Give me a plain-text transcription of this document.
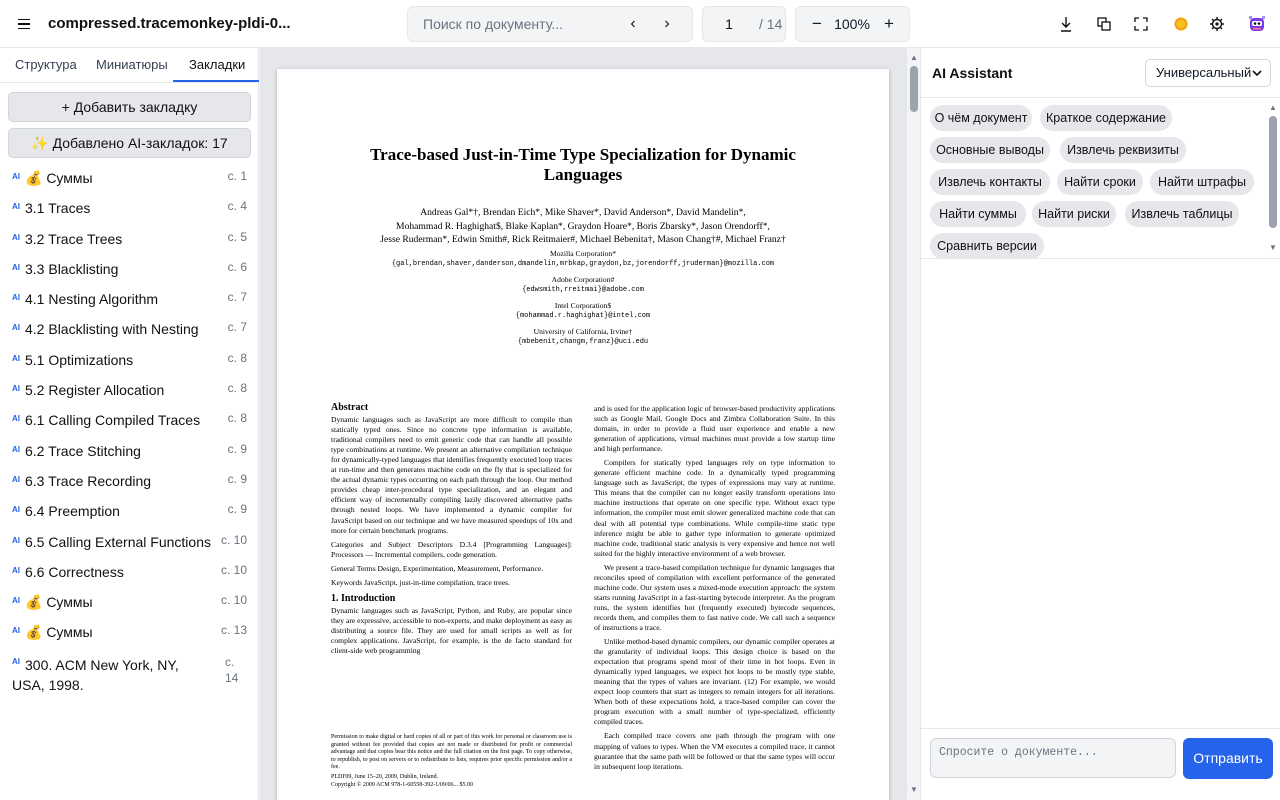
compressed.tracemonkey-pldi-0...
Поиск по документу...	‹	›
1	/ 14 − 100% +
Структура Миниатюры Закладки
+ Добавить закладку
✨ Добавлено AI-закладок: 17
AI 💰 Суммы	с. 1
AI 3.1 Traces	с. 4
AI 3.2 Trace Trees	с. 5
AI 3.3 Blacklisting	с. 6
AI 4.1 Nesting Algorithm	с. 7
AI 4.2 Blacklisting with Nesting с. 7
AI 5.1 Optimizations	с. 8
AI 5.2 Register Allocation	с. 8
AI 6.1 Calling Compiled Traces с. 8
AI 6.2 Trace Stitching	с. 9
AI 6.3 Trace Recording	с. 9
AI 6.4 Preemption	с. 9
AI 6.5 Calling External Functions с. 10
AI 6.6 Correctness	с. 10
AI 💰 Суммы	с. 10
AI 💰 Суммы	с. 13
AI 300. ACM New York, NY, USA, 1998.
с. 14
Trace-based Just-in-Time Type Specialization for Dynamic Languages
Andreas Gal*†, Brendan Eich*, Mike Shaver*, David Anderson*, David Mandelin*,
Mohammad R. Haghighat$, Blake Kaplan*, Graydon Hoare*, Boris Zbarsky*, Jason Orendorff*,
Jesse Ruderman*, Edwin Smith#, Rick Reitmaier#, Michael Bebenita†, Mason Chang†#, Michael Franz†
Mozilla Corporation*
{gal,brendan,shaver,danderson,dmandelin,mrbkap,graydon,bz,jorendorff,jruderman}@mozilla.com
Adobe Corporation#
{edwsmith,rreitmai}@adobe.com
Intel Corporation$
{mohammad.r.haghighat}@intel.com
University of California, Irvine†
{mbebenit,changm,franz}@uci.edu
Abstract
Dynamic languages such as JavaScript are more difficult to compile than statically typed ones. Since no concrete type information is available, traditional compilers need to emit generic code that can handle all possible type combinations at runtime. We present an alternative compilation technique for dynamically-typed languages that identifies frequently executed loop traces at run-time and then generates machine code on the fly that is specialized for the actual dynamic types occurring on each path through the loop. Our method provides cheap inter-procedural type specialization, and an elegant and efficient way of incrementally compiling lazily discovered alternative paths through nested loops. We have implemented a dynamic compiler for JavaScript based on our technique and we have measured speedups of 10x and more for certain benchmark programs.
Categories and Subject Descriptors D.3.4 [Programming Languages]: Processors — Incremental compilers, code generation.
General Terms Design, Experimentation, Measurement, Performance.
Keywords JavaScript, just-in-time compilation, trace trees.
1. Introduction
Dynamic languages such as JavaScript, Python, and Ruby, are popular since they are expressive, accessible to non-experts, and make deployment as easy as distributing a source file. They are used for small scripts as well as for complex applications. JavaScript, for example, is the de facto standard for client-side web programming
Permission to make digital or hard copies of all or part of this work for personal or classroom use is granted without fee provided that copies are not made or distributed for profit or commercial advantage and that copies bear this notice and the full citation on the first page. To copy otherwise, to republish, to post on servers or to redistribute to lists, requires prior specific permission and/or a fee.
PLDI'09, June 15–20, 2009, Dublin, Ireland.
Copyright © 2009 ACM 978-1-60558-392-1/09/06... $5.00
and is used for the application logic of browser-based productivity applications such as Google Mail, Google Docs and Zimbra Collaboration Suite. In this domain, in order to provide a fluid user experience and enable a new generation of applications, virtual machines must provide a low startup time and high performance.
Compilers for statically typed languages rely on type information to generate efficient machine code. In a dynamically typed programming language such as JavaScript, the types of expressions may vary at runtime. This means that the compiler can no longer easily transform operations into machine instructions that operate on one specific type. Without exact type information, the compiler must emit slower generalized machine code that can deal with all potential type combinations. While compile-time static type inference might be able to gather type information to generate optimized machine code, traditional static analysis is very expensive and hence not well suited for the highly interactive environment of a web browser.
We present a trace-based compilation technique for dynamic languages that reconciles speed of compilation with excellent performance of the generated machine code. Our system uses a mixed-mode execution approach: the system starts running JavaScript in a fast-starting bytecode interpreter. As the program runs, the system identifies hot (frequently executed) bytecode sequences, records them, and compiles them to fast native code. We call such a sequence of instructions a trace.
Unlike method-based dynamic compilers, our dynamic compiler operates at the granularity of individual loops. This design choice is based on the expectation that programs spend most of their time in hot loops. Even in dynamically typed languages, we expect hot loops to be mostly type stable, meaning that the types of values are invariant. (12) For example, we would expect loop counters that start as integers to remain integers for all iterations. When both of these expectations hold, a trace-based compiler can cover the program execution with a small number of type-specialized, efficiently compiled traces.
Each compiled trace covers one path through the program with one mapping of values to types. When the VM executes a compiled trace, it cannot guarantee that the same path will be followed or that the same types will occur in subsequent loop iterations.
▲
▼
AI Assistant	Универсальный
О чём документ	Краткое содержание
Основные выводы	Извлечь реквизиты
Извлечь контакты	Найти сроки	Найти штрафы
Найти суммы	Найти риски	Извлечь таблицы
Сравнить версии
▲
▼
Спросите о документе...
Отправить
